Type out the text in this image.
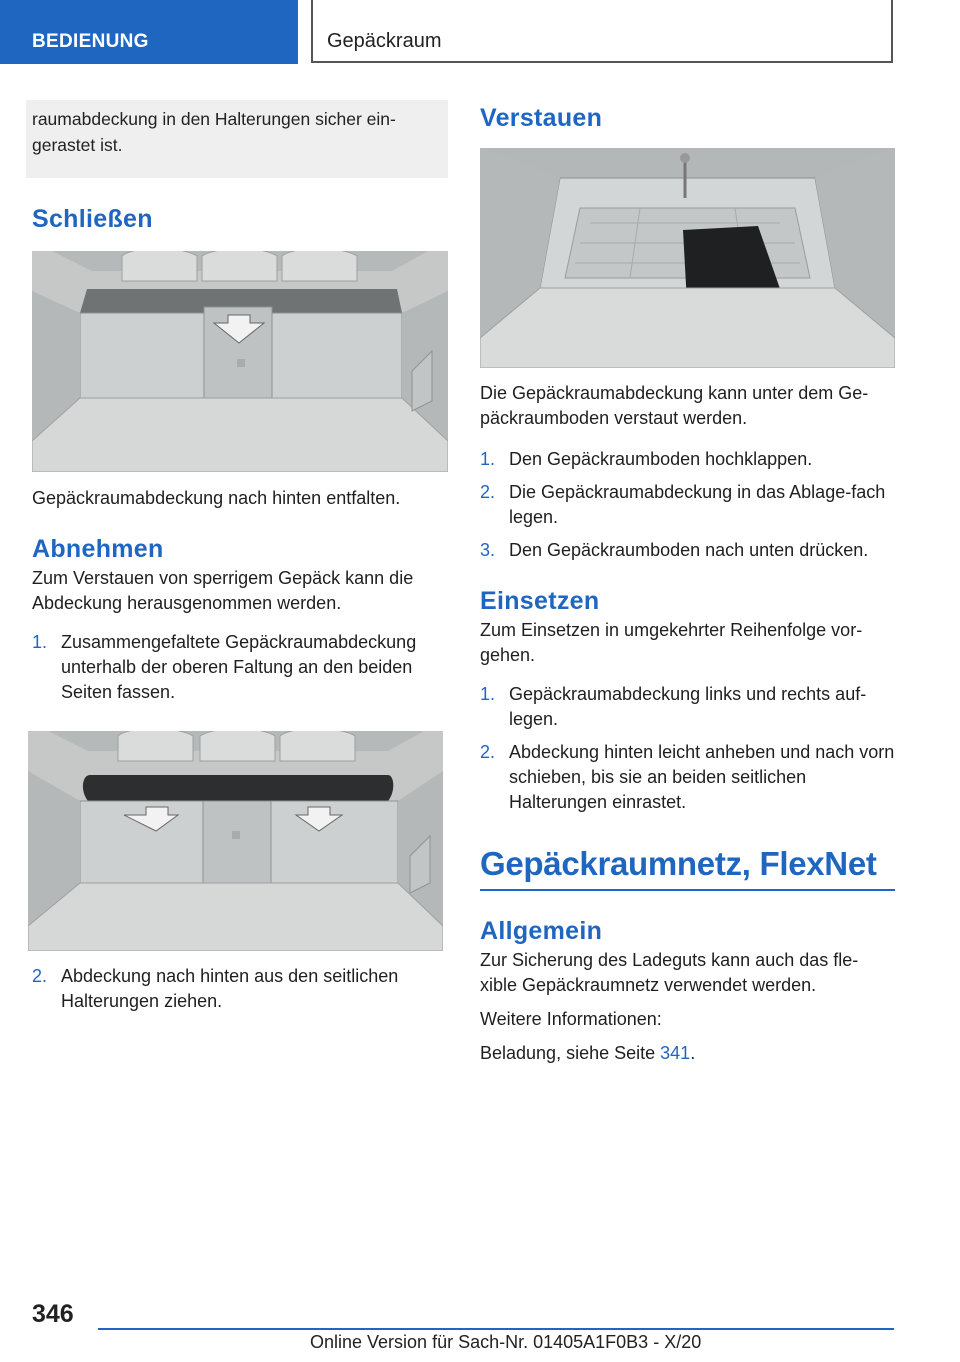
BEDIENUNG	Gepäckraum
raumabdeckung in den Halterungen sicher ein-gerastet ist.
Schließen

Gepäckraumabdeckung nach hinten entfalten.

Abnehmen

Zum Verstauen von sperrigem Gepäck kann die Abdeckung herausgenommen werden.

1. Zusammengefaltete Gepäckraumabdeckung unterhalb der oberen Faltung an den beiden Seiten fassen.
2. Abdeckung nach hinten aus den seitlichen Halterungen ziehen.
Verstauen

Die Gepäckraumabdeckung kann unter dem Ge-päckraumboden verstaut werden.

1. Den Gepäckraumboden hochklappen.
2. Die Gepäckraumabdeckung in das Ablage-fach legen.
3. Den Gepäckraumboden nach unten drücken.
Einsetzen

Zum Einsetzen in umgekehrter Reihenfolge vor-gehen.

1. Gepäckraumabdeckung links und rechts auf-legen.
2. Abdeckung hinten leicht anheben und nach vorn schieben, bis sie an beiden seitlichen Halterungen einrastet.
Gepäckraumnetz, FlexNet
Allgemein

Zur Sicherung des Ladeguts kann auch das fle-xible Gepäckraumnetz verwendet werden.

Weitere Informationen:

Beladung, siehe Seite 341.

346
Online Version für Sach-Nr. 01405A1F0B3 - X/20
